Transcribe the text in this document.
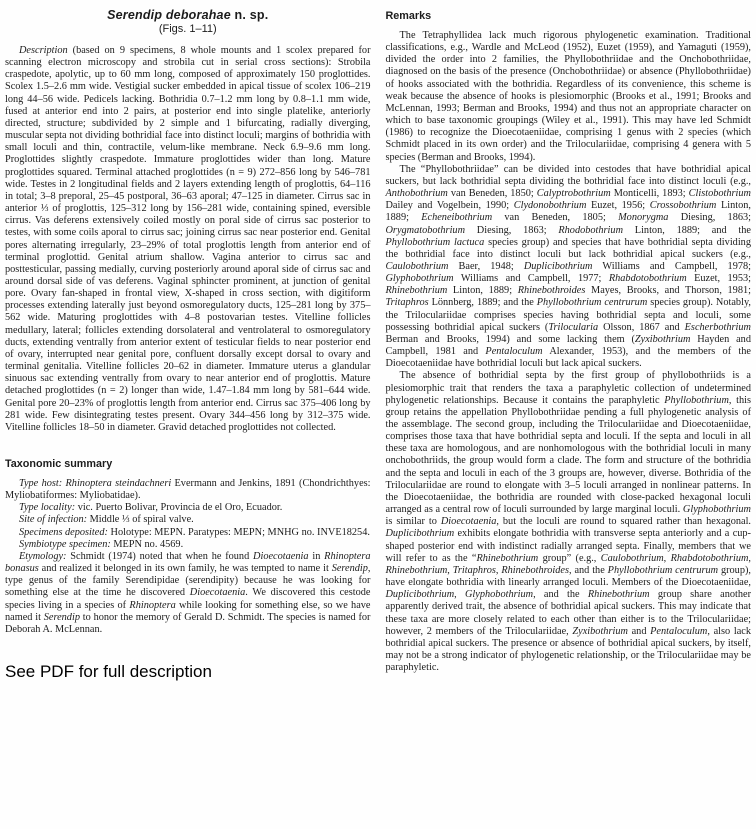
Serendip deborahae n. sp.
(Figs. 1–11)

Description (based on 9 specimens, 8 whole mounts and 1 scolex prepared for scanning electron microscopy and strobila cut in serial cross sections): Strobila craspedote, apolytic, up to 60 mm long, composed of approximately 150 proglottides. Scolex 1.5–2.6 mm wide. Vestigial sucker embedded in apical tissue of scolex 106–219 long 44–56 wide. Pedicels lacking. Bothridia 0.7–1.2 mm long by 0.8–1.1 mm wide, fused at anterior end into 2 pairs, at posterior end into single platelike, anteriorly directed, structure; subdivided by 2 simple and 1 bifurcating, radially diverging, muscular septa not dividing bothridial face into distinct loculi; margins of bothridia with small loculi and thin, contractile, velum-like membrane. Neck 6.9–9.6 mm long. Proglottides slightly craspedote. Immature proglottides wider than long. Mature proglottides squared. Terminal attached proglottides (n = 9) 272–856 long by 546–781 wide. Testes in 2 longitudinal fields and 2 layers extending length of proglottis, 64–116 in total; 3–8 preporal, 25–45 postporal, 36–63 aporal; 47–125 in diameter. Cirrus sac in anterior ⅓ of proglottis, 125–312 long by 156–281 wide, containing spined, eversible cirrus. Vas deferens extensively coiled mostly on poral side of cirrus sac posterior to testes, with some coils aporal to cirrus sac; joining cirrus sac near posterior end. Genital pores alternating irregularly, 23–29% of total proglottis length from anterior end of terminal proglottid. Genital atrium shallow. Vagina anterior to cirrus sac and posttesticular, passing medially, curving posteriorly around aporal side of cirrus sac and around dorsal side of vas deferens. Vaginal sphincter prominent, at junction of genital pore. Ovary fan-shaped in frontal view, X-shaped in cross section, with digitiform processes extending laterally just beyond osmoregulatory ducts, 125–281 long by 375–562 wide. Maturing proglottides with 4–8 postovarian testes. Vitelline follicles medullary, lateral; follicles extending dorsolateral and ventrolateral to osmoregulatory ducts, extending ventrally from anterior extent of testicular fields to near posterior end of ovary, interrupted near genital pore, confluent dorsally except dorsal to ovary and terminal genitalia. Vitelline follicles 20–62 in diameter. Immature uterus a glandular sinuous sac extending ventrally from ovary to near anterior end of proglottis. Mature detached proglottides (n = 2) longer than wide, 1.47–1.84 mm long by 581–644 wide. Genital pore 20–23% of proglottis length from anterior end. Cirrus sac 375–406 long by 281 wide. Few disintegrating testes present. Ovary 344–456 long by 312–375 wide. Vitelline follicles 18–50 in diameter. Gravid detached proglottides not collected.

Taxonomic summary

Type host: Rhinoptera steindachneri Evermann and Jenkins, 1891 (Chondrichthyes: Myliobatiformes: Myliobatidae).

Type locality: vic. Puerto Bolivar, Provincia de el Oro, Ecuador.

Site of infection: Middle ⅓ of spiral valve.

Specimens deposited: Holotype: MEPN. Paratypes: MEPN; MNHG no. INVE18254.

Symbiotype specimen: MEPN no. 4569.

Etymology: Schmidt (1974) noted that when he found Dioecotaenia in Rhinoptera bonasus and realized it belonged in its own family, he was tempted to name it Serendip, type genus of the family Serendipidae (serendipity) because he was looking for something else at the time he discovered Dioecotaenia. We discovered this cestode species living in a species of Rhinoptera while looking for something else, so we have named it Serendip to honor the memory of Gerald D. Schmidt. The species is named for Deborah A. McLennan.

See PDF for full description
Remarks

The Tetraphyllidea lack much rigorous phylogenetic examination. Traditional classifications, e.g., Wardle and McLeod (1952), Euzet (1959), and Yamaguti (1959), divided the order into 2 families, the Phyllobothriidae and the Onchobothriidae, diagnosed on the basis of the presence (Onchobothriidae) or absence (Phyllobothriidae) of hooks associated with the bothridia. Regardless of its convenience, this scheme is weak because the absence of hooks is plesiomorphic (Brooks et al., 1991; Brooks and McLennan, 1993; Berman and Brooks, 1994) and thus not an appropriate character on which to base taxonomic groupings (Wiley et al., 1991). This may have led Schmidt (1986) to recognize the Dioecotaeniidae, comprising 1 genus with 2 species (which Schmidt placed in its own order) and the Triloculariidae, comprising 4 genera with 5 species (Berman and Brooks, 1994).

The “Phyllobothriidae” can be divided into cestodes that have bothridial apical suckers, but lack bothridial septa dividing the bothridial face into distinct loculi (e.g., Anthobothrium van Beneden, 1850; Calyptrobothrium Monticelli, 1893; Clistobothrium Dailey and Vogelbein, 1990; Clydonobothrium Euzet, 1956; Crossobothrium Linton, 1889; Echeneibothrium van Beneden, 1805; Monorygma Diesing, 1863; Orygmatobothrium Diesing, 1863; Rhodobothrium Linton, 1889; and the Phyllobothrium lactuca species group) and species that have bothridial septa dividing the bothridial face into distinct loculi but lack bothridial apical suckers (e.g., Caulobothrium Baer, 1948; Duplicibothrium Williams and Campbell, 1978; Glyphobothrium Williams and Campbell, 1977; Rhabdotobothrium Euzet, 1953; Rhinebothrium Linton, 1889; Rhinebothroides Mayes, Brooks, and Thorson, 1981; Tritaphros Lönnberg, 1889; and the Phyllobothrium centrurum species group). Notably, the Triloculariidae comprises species having bothridial septa and loculi, some possessing bothridial apical suckers (Trilocularia Olsson, 1867 and Escherbothrium Berman and Brooks, 1994) and some lacking them (Zyxibothrium Hayden and Campbell, 1981 and Pentaloculum Alexander, 1953), and the members of the Dioecotaeniidae have bothridial loculi but lack apical suckers.

The absence of bothridial septa by the first group of phyllobothriids is a plesiomorphic trait that renders the taxa a paraphyletic collection of undetermined phylogenetic relationships. Because it contains the paraphyletic Phyllobothrium, this group retains the appellation Phyllobothriidae pending a full phylogenetic analysis of the assemblage. The second group, including the Triloculariidae and Dioecotaeniidae, comprises those taxa that have bothridial septa and loculi. If the septa and loculi in all these taxa are homologous, and are nonhomologous with the bothridial loculi in many onchobothriids, the group would form a clade. The form and structure of the bothridia and the septa and loculi in each of the 3 groups are, however, diverse. Bothridia of the Triloculariidae are round to elongate with 3–5 loculi arranged in nonlinear patterns. In the Dioecotaeniidae, the bothridia are rounded with close-packed hexagonal loculi arranged as a central row of loculi surrounded by large marginal loculi. Glyphobothrium is similar to Dioecotaenia, but the loculi are round to squared rather than hexagonal. Duplicibothrium exhibits elongate bothridia with transverse septa anteriorly and a cup-shaped posterior end with indistinct radially arranged septa. Finally, members that we will refer to as the “Rhinebothrium group” (e.g., Caulobothrium, Rhabdotobothrium, Rhinebothrium, Tritaphros, Rhinebothroides, and the Phyllobothrium centrurum group), have elongate bothridia with linearly arranged loculi. Members of the Dioecotaeniidae, Duplicibothrium, Glyphobothrium, and the Rhinebothrium group share another apparently derived trait, the absence of bothridial apical suckers. This may indicate that these taxa are more closely related to each other than either is to the Triloculariidae; however, 2 members of the Triloculariidae, Zyxibothrium and Pentaloculum, also lack bothridial apical suckers. The presence or absence of bothridial apical suckers, by itself, may not be a strong indicator of phylogenetic relationship, or the Triloculariidae may be paraphyletic.
